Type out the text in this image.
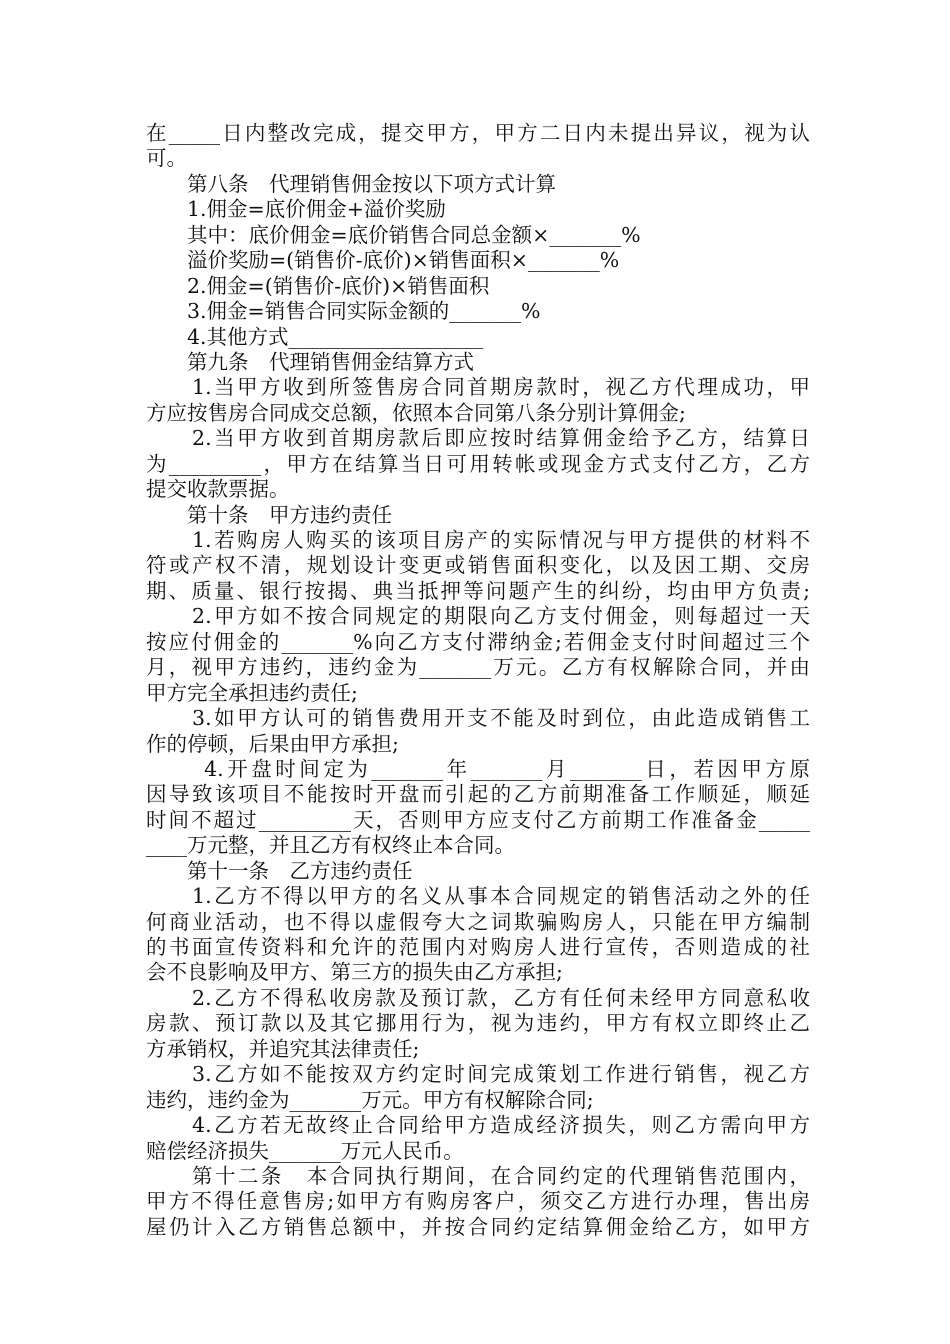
在_____日内整改完成，提交甲方，甲方二日内未提出异议，视为认
可。
　　第八条　代理销售佣金按以下项方式计算
　　1.佣金=底价佣金+溢价奖励
　　其中：底价佣金=底价销售合同总金额×_______%
　　溢价奖励=(销售价-底价)×销售面积×_______%
　　2.佣金=(销售价-底价)×销售面积
　　3.佣金=销售合同实际金额的_______%
　　4.其他方式___________________
　　第九条　代理销售佣金结算方式
　　1.当甲方收到所签售房合同首期房款时，视乙方代理成功，甲
方应按售房合同成交总额，依照本合同第八条分别计算佣金;
　　2.当甲方收到首期房款后即应按时结算佣金给予乙方，结算日
为_________，甲方在结算当日可用转帐或现金方式支付乙方，乙方
提交收款票据。
　　第十条　甲方违约责任
　　1.若购房人购买的该项目房产的实际情况与甲方提供的材料不
符或产权不清，规划设计变更或销售面积变化，以及因工期、交房
期、质量、银行按揭、典当抵押等问题产生的纠纷，均由甲方负责;
　　2.甲方如不按合同规定的期限向乙方支付佣金，则每超过一天
按应付佣金的_______%向乙方支付滞纳金;若佣金支付时间超过三个
月，视甲方违约，违约金为_______万元。乙方有权解除合同，并由
甲方完全承担违约责任;
　　3.如甲方认可的销售费用开支不能及时到位，由此造成销售工
作的停顿，后果由甲方承担;
　　 4.开盘时间定为_______年_______月_______日，若因甲方原
因导致该项目不能按时开盘而引起的乙方前期准备工作顺延，顺延
时间不超过_________天，否则甲方应支付乙方前期工作准备金_____
____万元整，并且乙方有权终止本合同。
　　第十一条　乙方违约责任
　　1.乙方不得以甲方的名义从事本合同规定的销售活动之外的任
何商业活动，也不得以虚假夸大之词欺骗购房人，只能在甲方编制
的书面宣传资料和允许的范围内对购房人进行宣传，否则造成的社
会不良影响及甲方、第三方的损失由乙方承担;
　　2.乙方不得私收房款及预订款，乙方有任何未经甲方同意私收
房款、预订款以及其它挪用行为，视为违约，甲方有权立即终止乙
方承销权，并追究其法律责任;
　　3.乙方如不能按双方约定时间完成策划工作进行销售，视乙方
违约，违约金为_______万元。甲方有权解除合同;
　　4.乙方若无故终止合同给甲方造成经济损失，则乙方需向甲方
赔偿经济损失_______万元人民币。
　　第十二条　本合同执行期间，在合同约定的代理销售范围内，
甲方不得任意售房;如甲方有购房客户，须交乙方进行办理，售出房
屋仍计入乙方销售总额中，并按合同约定结算佣金给乙方，如甲方
